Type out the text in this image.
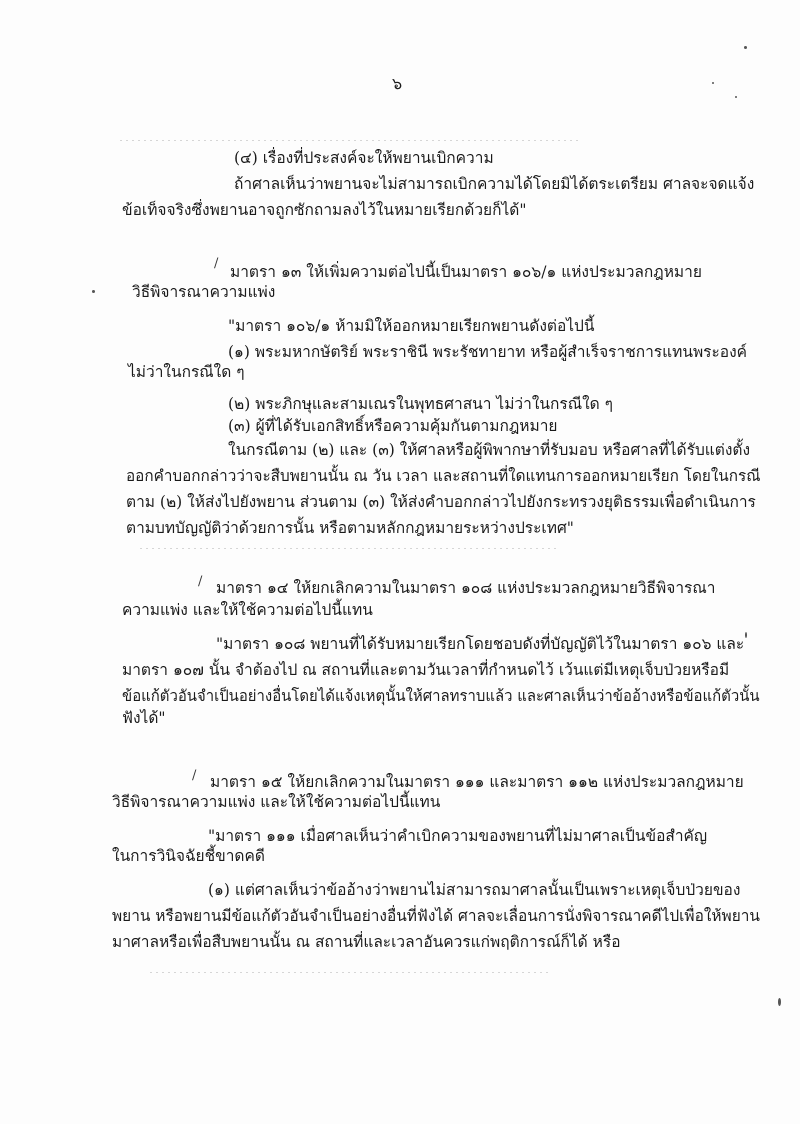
๖
(๔) เรื่องที่ประสงค์จะให้พยานเบิกความ
ถ้าศาลเห็นว่าพยานจะไม่สามารถเบิกความได้โดยมิได้ตระเตรียม ศาลจะจดแจ้ง
ข้อเท็จจริงซึ่งพยานอาจถูกซักถามลงไว้ในหมายเรียกด้วยก็ได้"
/ มาตรา ๑๓ ให้เพิ่มความต่อไปนี้เป็นมาตรา ๑๐๖/๑ แห่งประมวลกฎหมาย
วิธีพิจารณาความแพ่ง
"มาตรา ๑๐๖/๑ ห้ามมิให้ออกหมายเรียกพยานดังต่อไปนี้
(๑) พระมหากษัตริย์ พระราชินี พระรัชทายาท หรือผู้สำเร็จราชการแทนพระองค์
ไม่ว่าในกรณีใด ๆ
(๒) พระภิกษุและสามเณรในพุทธศาสนา ไม่ว่าในกรณีใด ๆ
(๓) ผู้ที่ได้รับเอกสิทธิ์หรือความคุ้มกันตามกฎหมาย
ในกรณีตาม (๒) และ (๓) ให้ศาลหรือผู้พิพากษาที่รับมอบ หรือศาลที่ได้รับแต่งตั้ง
ออกคำบอกกล่าวว่าจะสืบพยานนั้น ณ วัน เวลา และสถานที่ใดแทนการออกหมายเรียก โดยในกรณี
ตาม (๒) ให้ส่งไปยังพยาน ส่วนตาม (๓) ให้ส่งคำบอกกล่าวไปยังกระทรวงยุติธรรมเพื่อดำเนินการ
ตามบทบัญญัติว่าด้วยการนั้น หรือตามหลักกฎหมายระหว่างประเทศ"
/ มาตรา ๑๔ ให้ยกเลิกความในมาตรา ๑๐๘ แห่งประมวลกฎหมายวิธีพิจารณา
ความแพ่ง และให้ใช้ความต่อไปนี้แทน
"มาตรา ๑๐๘ พยานที่ได้รับหมายเรียกโดยชอบดังที่บัญญัติไว้ในมาตรา ๑๐๖ และ
มาตรา ๑๐๗ นั้น จำต้องไป ณ สถานที่และตามวันเวลาที่กำหนดไว้ เว้นแต่มีเหตุเจ็บป่วยหรือมี
ข้อแก้ตัวอันจำเป็นอย่างอื่นโดยได้แจ้งเหตุนั้นให้ศาลทราบแล้ว และศาลเห็นว่าข้ออ้างหรือข้อแก้ตัวนั้น
ฟังได้"
/ มาตรา ๑๕ ให้ยกเลิกความในมาตรา ๑๑๑ และมาตรา ๑๑๒ แห่งประมวลกฎหมาย
วิธีพิจารณาความแพ่ง และให้ใช้ความต่อไปนี้แทน
"มาตรา ๑๑๑ เมื่อศาลเห็นว่าคำเบิกความของพยานที่ไม่มาศาลเป็นข้อสำคัญ
ในการวินิจฉัยชี้ขาดคดี
(๑) แต่ศาลเห็นว่าข้ออ้างว่าพยานไม่สามารถมาศาลนั้นเป็นเพราะเหตุเจ็บป่วยของ
พยาน หรือพยานมีข้อแก้ตัวอันจำเป็นอย่างอื่นที่ฟังได้ ศาลจะเลื่อนการนั่งพิจารณาคดีไปเพื่อให้พยาน
มาศาลหรือเพื่อสืบพยานนั้น ณ สถานที่และเวลาอันควรแก่พฤติการณ์ก็ได้ หรือ
